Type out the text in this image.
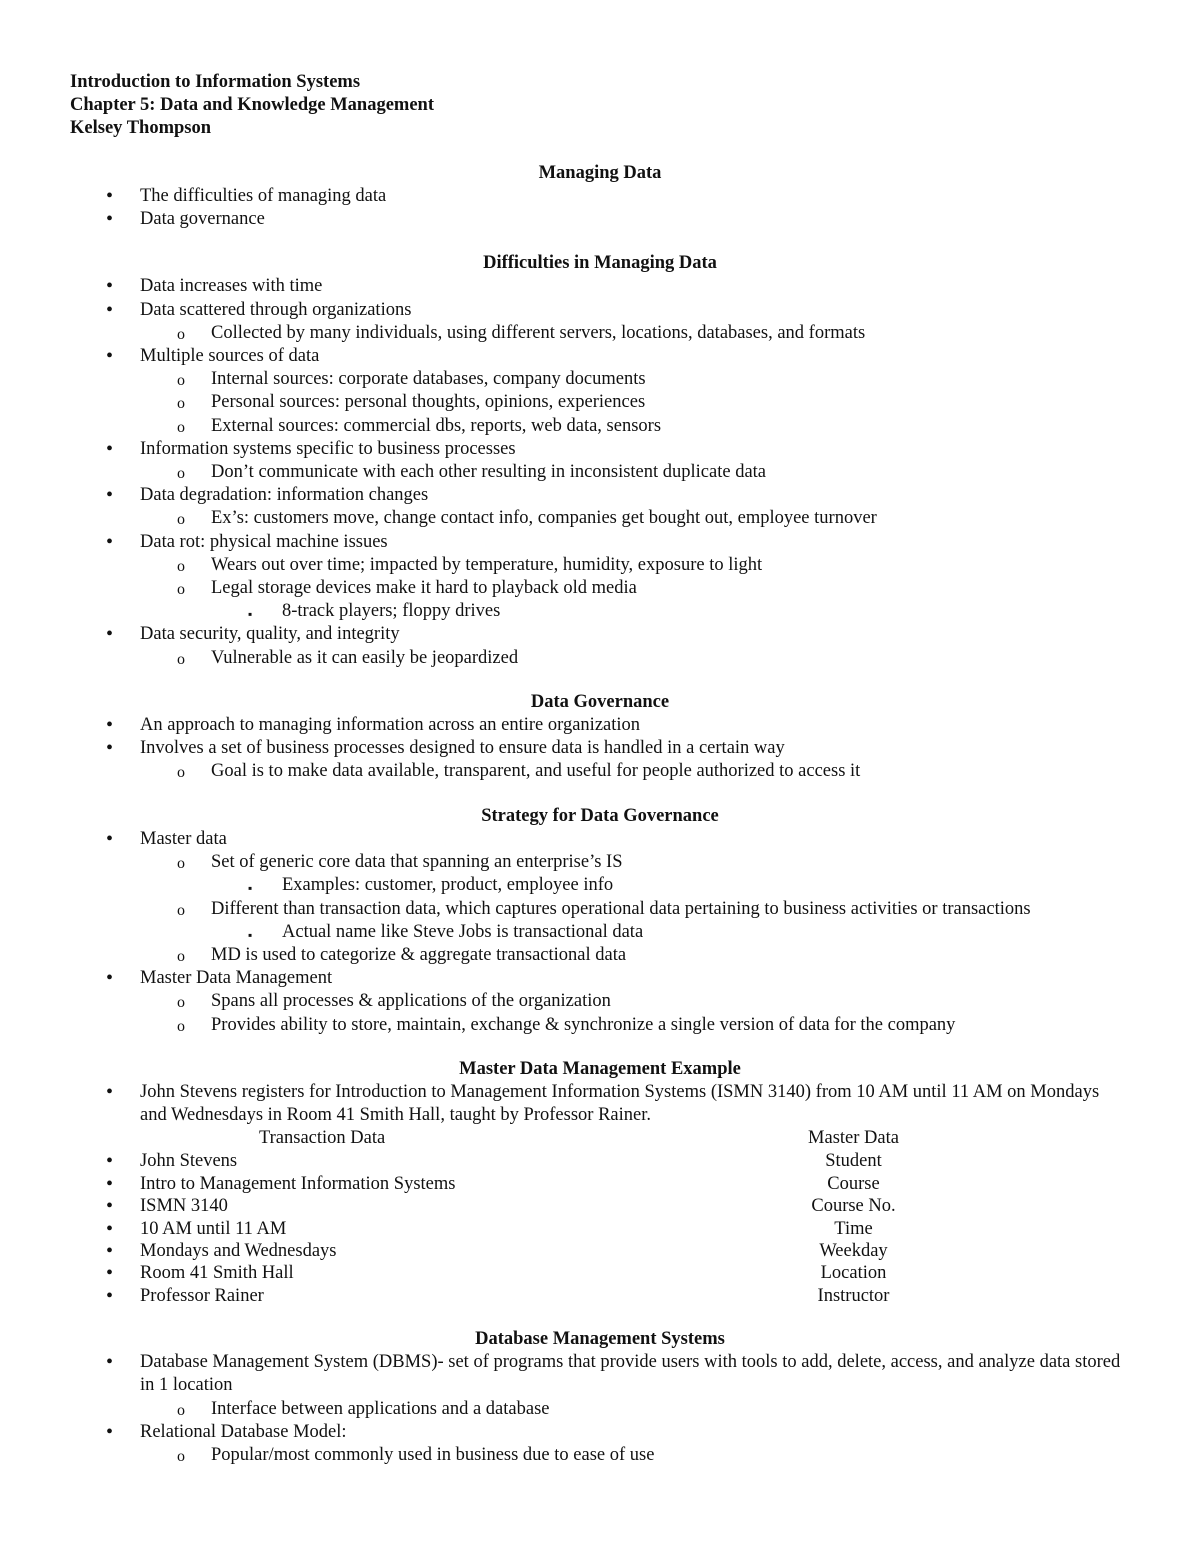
Introduction to Information Systems
Chapter 5: Data and Knowledge Management
Kelsey Thompson
Managing Data
• The difficulties of managing data
• Data governance
Difficulties in Managing Data
• Data increases with time
• Data scattered through organizations
o Collected by many individuals, using different servers, locations, databases, and formats
• Multiple sources of data
o Internal sources: corporate databases, company documents
o Personal sources: personal thoughts, opinions, experiences
o External sources: commercial dbs, reports, web data, sensors
• Information systems specific to business processes
o Don’t communicate with each other resulting in inconsistent duplicate data
• Data degradation: information changes
o Ex’s: customers move, change contact info, companies get bought out, employee turnover
• Data rot: physical machine issues
o Wears out over time; impacted by temperature, humidity, exposure to light
o Legal storage devices make it hard to playback old media
▪ 8-track players; floppy drives
• Data security, quality, and integrity
o Vulnerable as it can easily be jeopardized
Data Governance
• An approach to managing information across an entire organization
• Involves a set of business processes designed to ensure data is handled in a certain way
o Goal is to make data available, transparent, and useful for people authorized to access it
Strategy for Data Governance
• Master data
o Set of generic core data that spanning an enterprise’s IS
▪ Examples: customer, product, employee info
o Different than transaction data, which captures operational data pertaining to business activities or transactions
▪ Actual name like Steve Jobs is transactional data
o MD is used to categorize & aggregate transactional data
• Master Data Management
o Spans all processes & applications of the organization
o Provides ability to store, maintain, exchange & synchronize a single version of data for the company
Master Data Management Example
• John Stevens registers for Introduction to Management Information Systems (ISMN 3140) from 10 AM until 11 AM on Mondays and Wednesdays in Room 41 Smith Hall, taught by Professor Rainer.
Transaction Data	Master Data
• John Stevens	Student
• Intro to Management Information Systems	Course
• ISMN 3140	Course No.
• 10 AM until 11 AM	Time
• Mondays and Wednesdays	Weekday
• Room 41 Smith Hall	Location
• Professor Rainer	Instructor
Database Management Systems
• Database Management System (DBMS)- set of programs that provide users with tools to add, delete, access, and analyze data stored in 1 location
o Interface between applications and a database
• Relational Database Model:
o Popular/most commonly used in business due to ease of use
